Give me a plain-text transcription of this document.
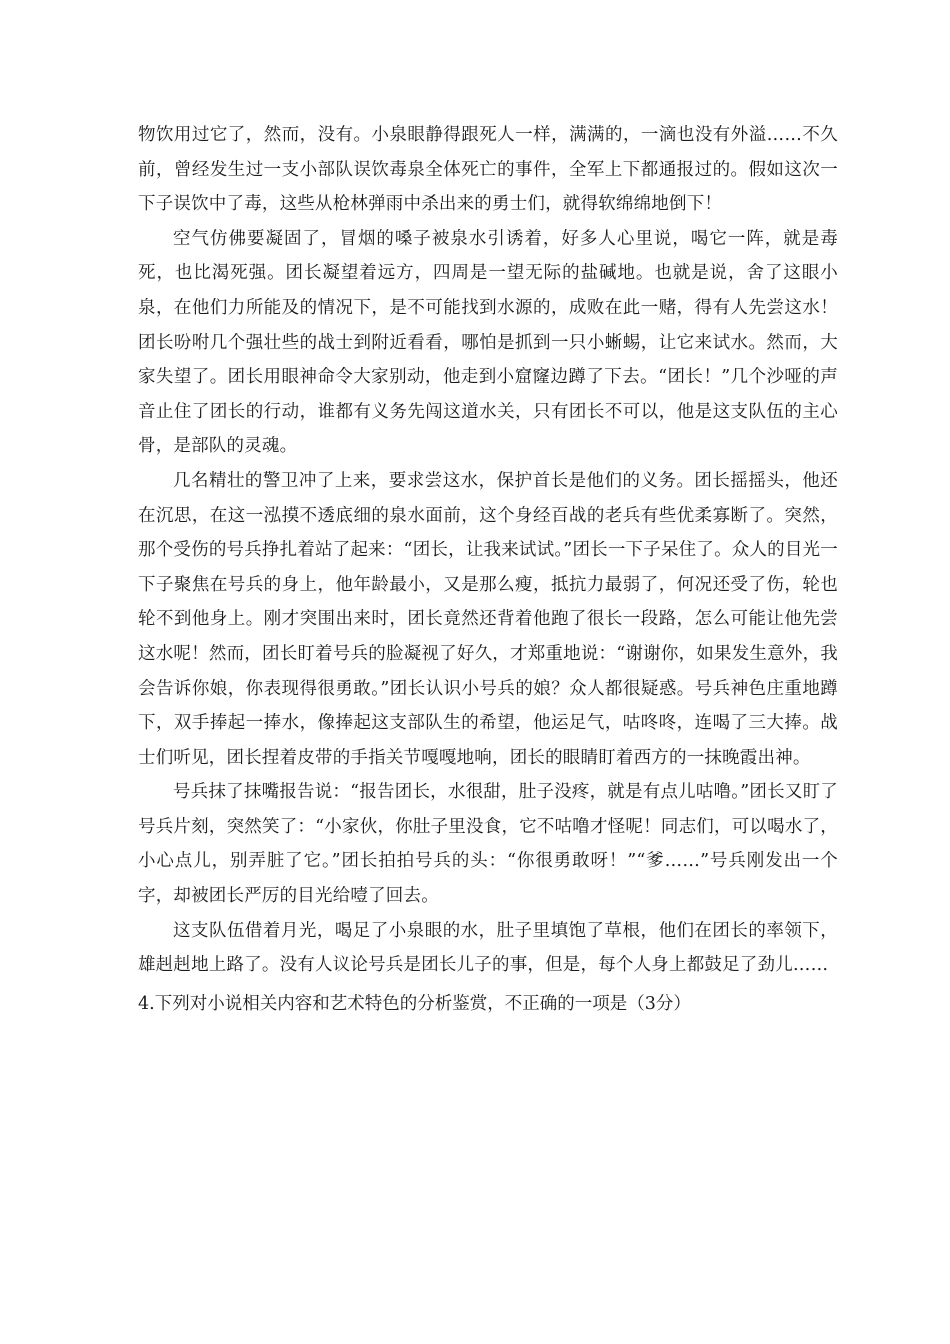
物饮用过它了，然而，没有。小泉眼静得跟死人一样，满满的，一滴也没有外溢……不久前，曾经发生过一支小部队误饮毒泉全体死亡的事件，全军上下都通报过的。假如这次一下子误饮中了毒，这些从枪林弹雨中杀出来的勇士们，就得软绵绵地倒下！

空气仿佛要凝固了，冒烟的嗓子被泉水引诱着，好多人心里说，喝它一阵，就是毒死，也比渴死强。团长凝望着远方，四周是一望无际的盐碱地。也就是说，舍了这眼小泉，在他们力所能及的情况下，是不可能找到水源的，成败在此一赌，得有人先尝这水！团长吩咐几个强壮些的战士到附近看看，哪怕是抓到一只小蜥蜴，让它来试水。然而，大家失望了。团长用眼神命令大家别动，他走到小窟窿边蹲了下去。“团长！”几个沙哑的声音止住了团长的行动，谁都有义务先闯这道水关，只有团长不可以，他是这支队伍的主心骨，是部队的灵魂。

几名精壮的警卫冲了上来，要求尝这水，保护首长是他们的义务。团长摇摇头，他还在沉思，在这一泓摸不透底细的泉水面前，这个身经百战的老兵有些优柔寡断了。突然，那个受伤的号兵挣扎着站了起来：“团长，让我来试试。”团长一下子呆住了。众人的目光一下子聚焦在号兵的身上，他年龄最小，又是那么瘦，抵抗力最弱了，何况还受了伤，轮也轮不到他身上。刚才突围出来时，团长竟然还背着他跑了很长一段路，怎么可能让他先尝这水呢！然而，团长盯着号兵的脸凝视了好久，才郑重地说：“谢谢你，如果发生意外，我会告诉你娘，你表现得很勇敢。”团长认识小号兵的娘？众人都很疑惑。号兵神色庄重地蹲下，双手捧起一捧水，像捧起这支部队生的希望，他运足气，咕咚咚，连喝了三大捧。战士们听见，团长捏着皮带的手指关节嘎嘎地响，团长的眼睛盯着西方的一抹晚霞出神。

号兵抹了抹嘴报告说：“报告团长，水很甜，肚子没疼，就是有点儿咕噜。”团长又盯了号兵片刻，突然笑了：“小家伙，你肚子里没食，它不咕噜才怪呢！同志们，可以喝水了，小心点儿，别弄脏了它。”团长拍拍号兵的头：“你很勇敢呀！”“爹……”号兵刚发出一个字，却被团长严厉的目光给噎了回去。

这支队伍借着月光，喝足了小泉眼的水，肚子里填饱了草根，他们在团长的率领下，雄赳赳地上路了。没有人议论号兵是团长儿子的事，但是，每个人身上都鼓足了劲儿……

4.下列对小说相关内容和艺术特色的分析鉴赏，不正确的一项是（3分）
